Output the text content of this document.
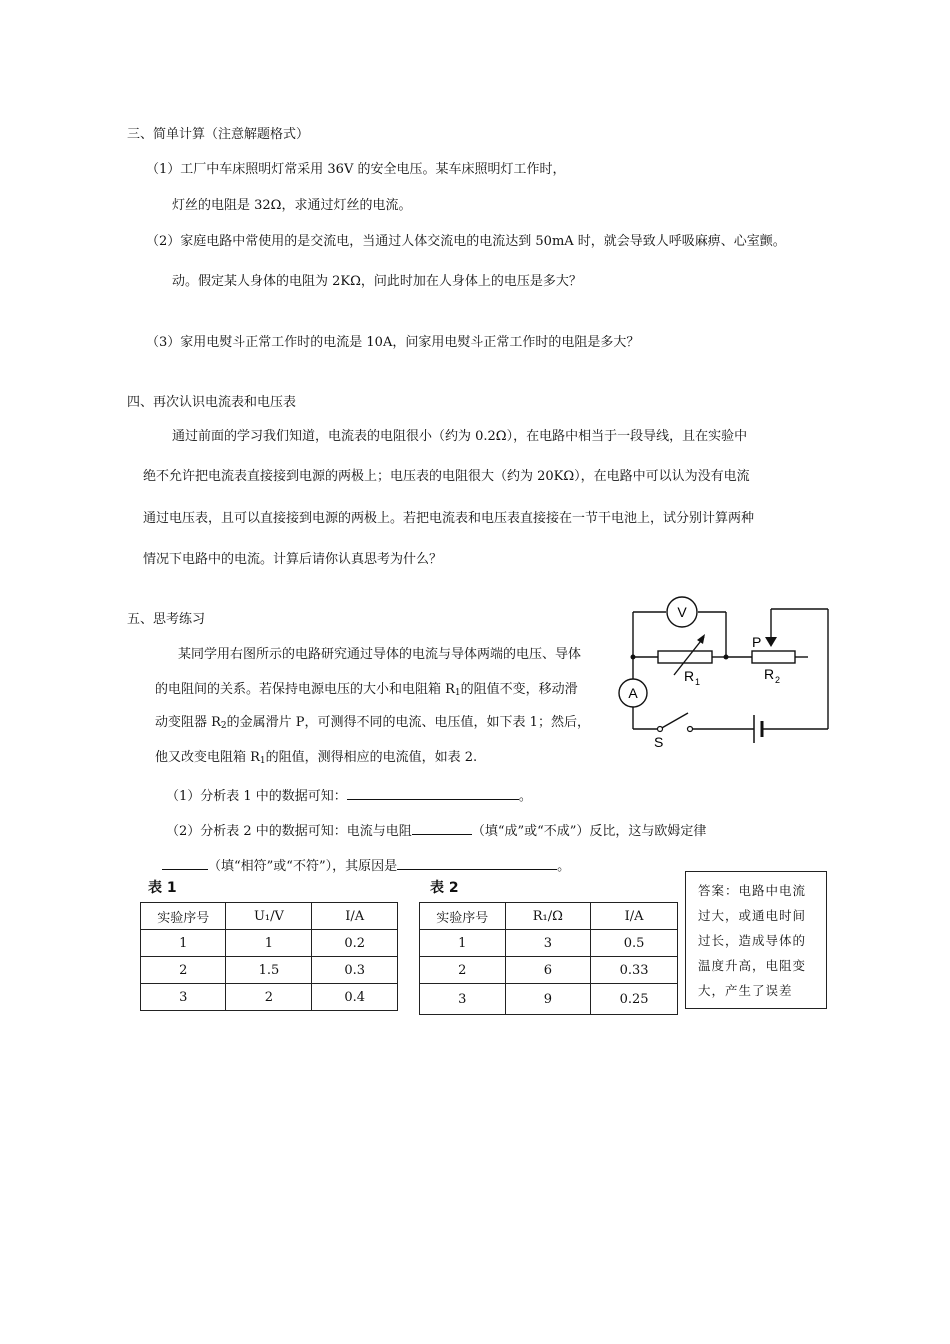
三、简单计算（注意解题格式）
（1）工厂中车床照明灯常采用 36V 的安全电压。某车床照明灯工作时，
灯丝的电阻是 32Ω，求通过灯丝的电流。
（2）家庭电路中常使用的是交流电，当通过人体交流电的电流达到 50mA 时，就会导致人呼吸麻痹、心室颤。
动。假定某人身体的电阻为 2KΩ，问此时加在人身体上的电压是多大？
（3）家用电熨斗正常工作时的电流是 10A，问家用电熨斗正常工作时的电阻是多大？
四、再次认识电流表和电压表
通过前面的学习我们知道，电流表的电阻很小（约为 0.2Ω），在电路中相当于一段导线，且在实验中
绝不允许把电流表直接接到电源的两极上；电压表的电阻很大（约为 20KΩ），在电路中可以认为没有电流
通过电压表，且可以直接接到电源的两极上。若把电流表和电压表直接接在一节干电池上，试分别计算两种
情况下电路中的电流。计算后请你认真思考为什么？
五、思考练习
某同学用右图所示的电路研究通过导体的电流与导体两端的电压、导体
的电阻间的关系。若保持电源电压的大小和电阻箱 $R_1$的阻值不变，移动滑
动变阻器 $R_2$的金属滑片 P，可测得不同的电流、电压值，如下表 1；然后，
他又改变电阻箱 $R_1$的阻值，测得相应的电流值，如表 2.
（1）分析表 1 中的数据可知：	。
（2）分析表 2 中的数据可知：电流与电阻	（填“成”或“不成”）反比，这与欧姆定律
（填“相符”或“不符”），其原因是	。
V
A
R 1	R 2
P
S
表 1
实验序号	U₁/V	I/A
1	1	0.2
2	1.5	0.3
3	2	0.4
表 2
实验序号	R₁/Ω	I/A
1	3	0.5
2	6	0.33
3	9	0.25
答案：电路中电流
过大，或通电时间
过长，造成导体的
温度升高，电阻变
大，产生了误差
